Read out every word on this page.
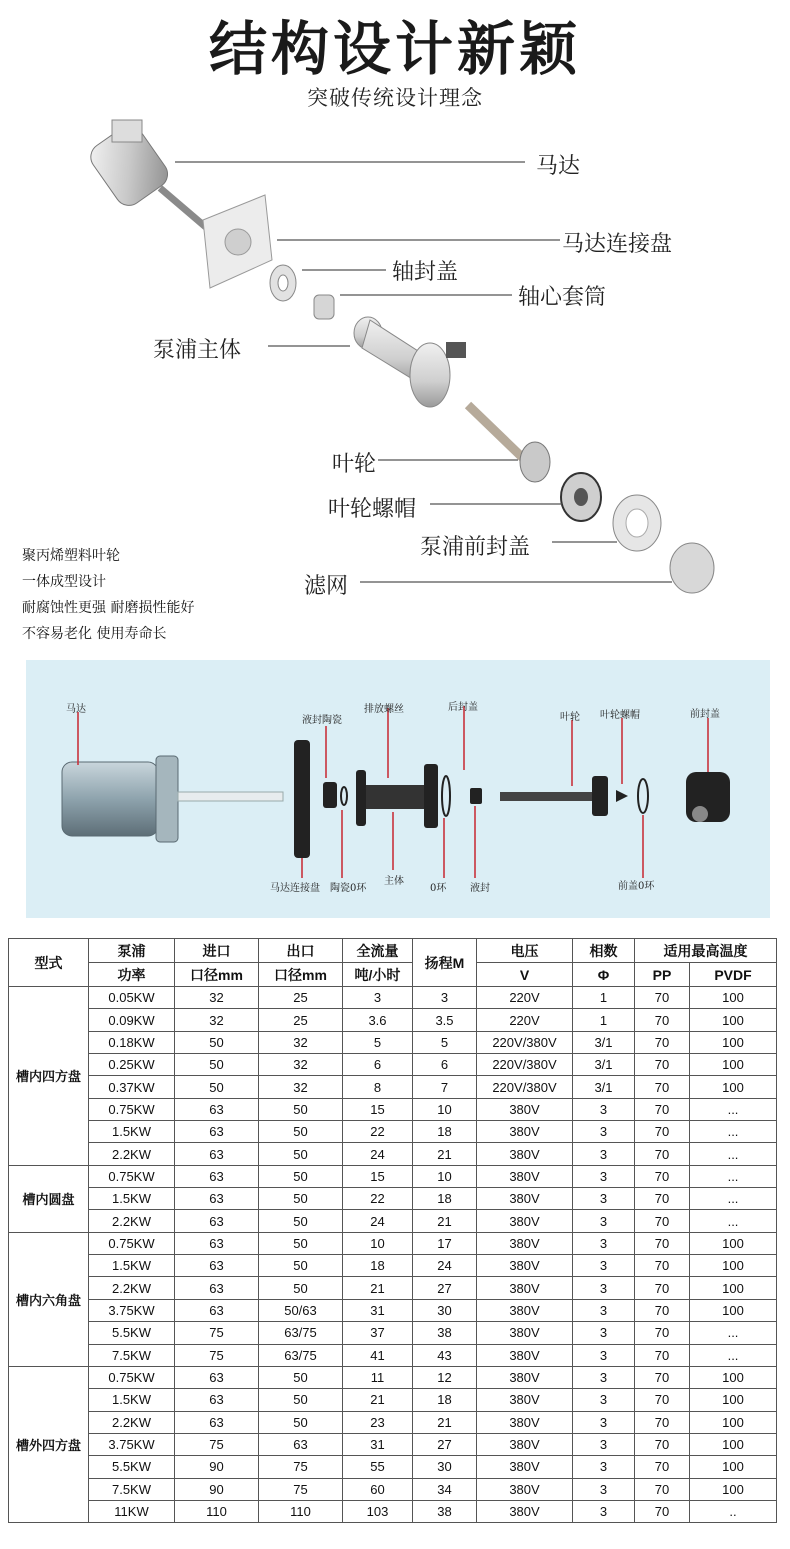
结构设计新颖
突破传统设计理念
马达
马达连接盘
轴封盖
轴心套筒
泵浦主体
叶轮
叶轮螺帽
泵浦前封盖
滤网
聚丙烯塑料叶轮
一体成型设计
耐腐蚀性更强 耐磨损性能好
不容易老化 使用寿命长
马达
液封陶瓷
排放螺丝	后封盖
叶轮 叶轮螺帽	前封盖
马达连接盘 陶瓷0环
主体
0环 液封	前盖0环
型式	泵浦	进口	出口	全流量	扬程M	电压	相数	适用最高温度	
	功率	口径mm	口径mm	吨/小时		V	Φ	PP	PVDF
槽内四方盘	0.05KW	32	25	3	3	220V	1	70	100
	0.09KW	32	25	3.6	3.5	220V	1	70	100
	0.18KW	50	32	5	5	220V/380V	3/1	70	100
	0.25KW	50	32	6	6	220V/380V	3/1	70	100
	0.37KW	50	32	8	7	220V/380V	3/1	70	100
	0.75KW	63	50	15	10	380V	3	70	...
	1.5KW	63	50	22	18	380V	3	70	...
	2.2KW	63	50	24	21	380V	3	70	...
槽内圆盘	0.75KW	63	50	15	10	380V	3	70	...
	1.5KW	63	50	22	18	380V	3	70	...
	2.2KW	63	50	24	21	380V	3	70	...
槽内六角盘	0.75KW	63	50	10	17	380V	3	70	100
	1.5KW	63	50	18	24	380V	3	70	100
	2.2KW	63	50	21	27	380V	3	70	100
	3.75KW	63	50/63	31	30	380V	3	70	100
	5.5KW	75	63/75	37	38	380V	3	70	...
	7.5KW	75	63/75	41	43	380V	3	70	...
槽外四方盘	0.75KW	63	50	11	12	380V	3	70	100
	1.5KW	63	50	21	18	380V	3	70	100
	2.2KW	63	50	23	21	380V	3	70	100
	3.75KW	75	63	31	27	380V	3	70	100
	5.5KW	90	75	55	30	380V	3	70	100
	7.5KW	90	75	60	34	380V	3	70	100
	11KW	110	110	103	38	380V	3	70	..
